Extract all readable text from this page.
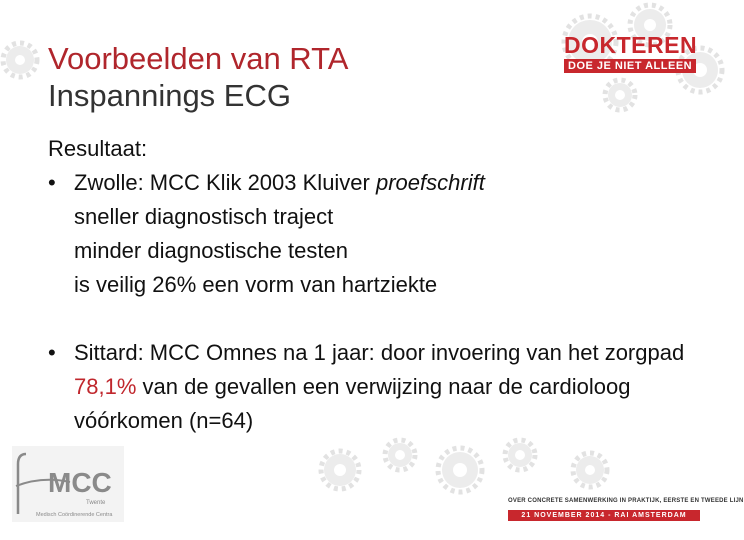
Voorbeelden van RTA
Inspannings ECG
DOKTEREN
DOE JE NIET ALLEEN

Resultaat:

• Zwolle: MCC Klik 2003 Kluiver proefschrift

sneller diagnostisch traject

minder diagnostische testen

is veilig 26% een vorm van hartziekte

• Sittard: MCC Omnes na 1 jaar: door invoering van het zorgpad 78,1% van de gevallen een verwijzing naar de cardioloog vóórkomen (n=64)

MCC
Twente
Medisch Coördinerende Centra
OVER CONCRETE SAMENWERKING IN PRAKTIJK, EERSTE EN TWEEDE LIJN
21 NOVEMBER 2014 - RAI AMSTERDAM
